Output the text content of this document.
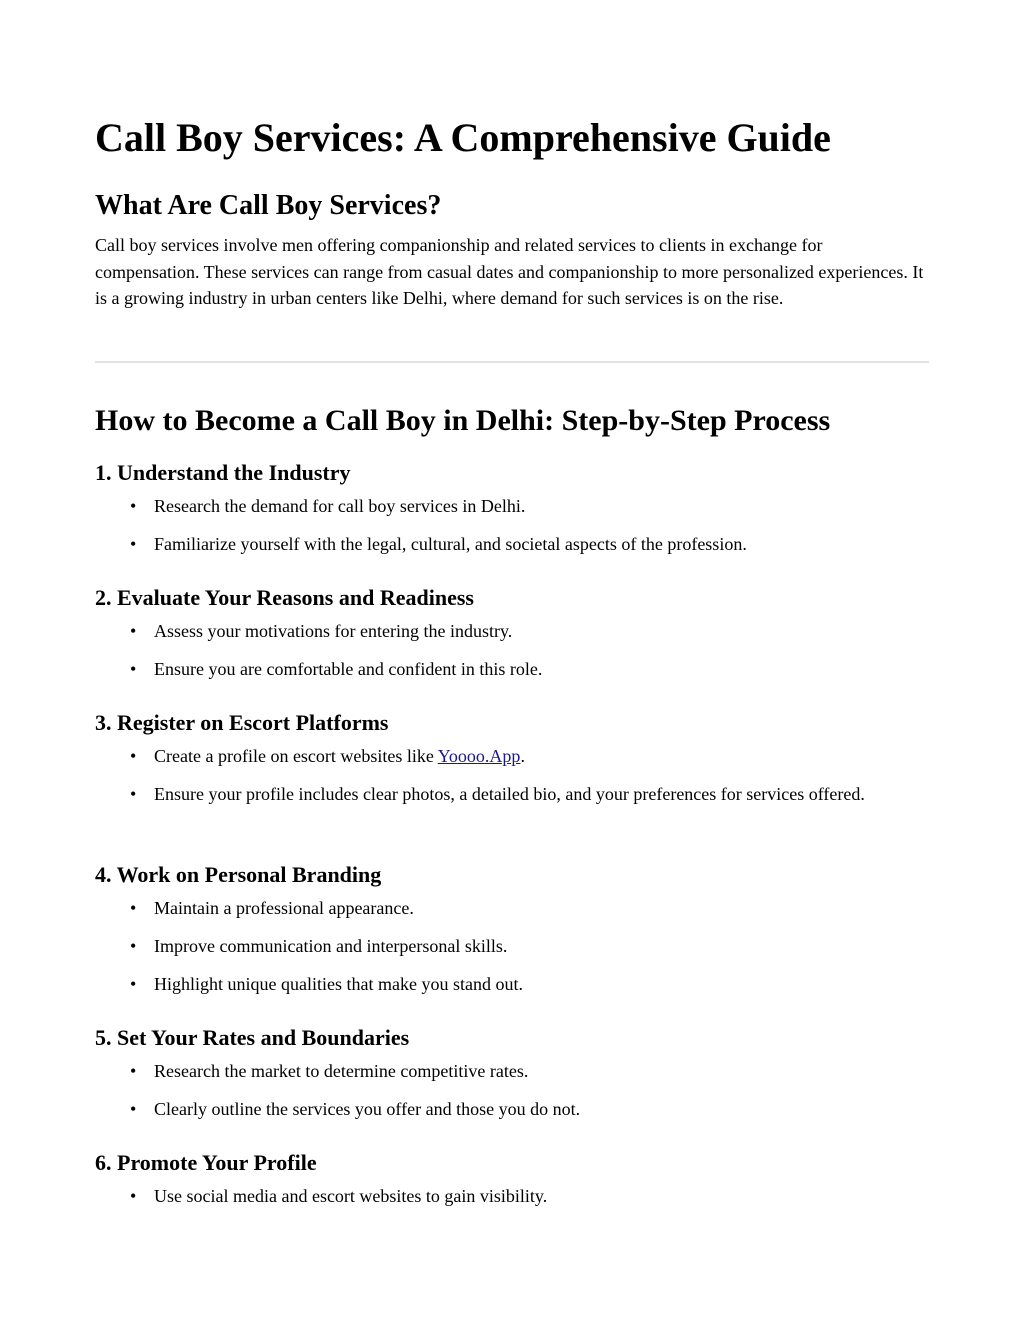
Call Boy Services: A Comprehensive Guide
What Are Call Boy Services?

Call boy services involve men offering companionship and related services to clients in exchange for compensation. These services can range from casual dates and companionship to more personalized experiences. It is a growing industry in urban centers like Delhi, where demand for such services is on the rise.

How to Become a Call Boy in Delhi: Step-by-Step Process
1. Understand the Industry
• Research the demand for call boy services in Delhi.
• Familiarize yourself with the legal, cultural, and societal aspects of the profession.
2. Evaluate Your Reasons and Readiness
• Assess your motivations for entering the industry.
• Ensure you are comfortable and confident in this role.
3. Register on Escort Platforms
• Create a profile on escort websites like Yoooo.App.
• Ensure your profile includes clear photos, a detailed bio, and your preferences for services offered.
4. Work on Personal Branding
• Maintain a professional appearance.
• Improve communication and interpersonal skills.
• Highlight unique qualities that make you stand out.
5. Set Your Rates and Boundaries
• Research the market to determine competitive rates.
• Clearly outline the services you offer and those you do not.
6. Promote Your Profile
• Use social media and escort websites to gain visibility.
